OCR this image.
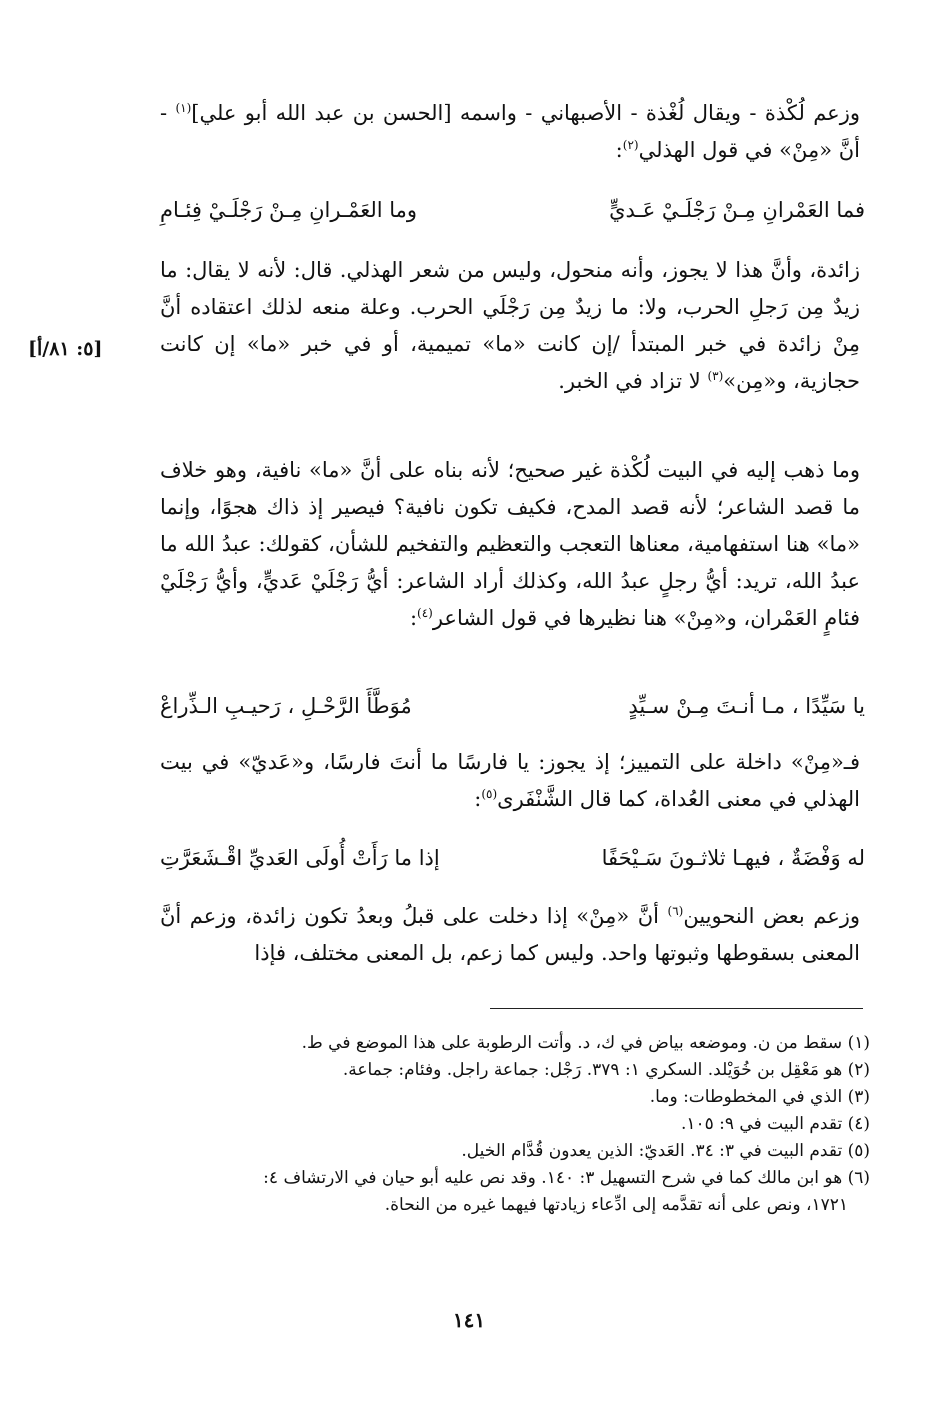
[٥: ٨١/أ]

وزعم لُكْذة - ويقال لُغْذة - الأصبهاني - واسمه [الحسن بن عبد الله أبو علي]$^{(١)}$ - أنَّ «مِنْ» في قول الهذلي$^{(٢)}$:

فما العَمْرانِ مِـنْ رَجْلَـيْ عَـديٍّ
وما العَمْـرانِ مِـنْ رَجْلَـيْ فِئـامِ

زائدة، وأنَّ هذا لا يجوز، وأنه منحول، وليس من شعر الهذلي. قال: لأنه لا يقال: ما زيدٌ مِن رَجلِ الحرب، ولا: ما زيدٌ مِن رَجْلَي الحرب. وعلة منعه لذلك اعتقاده أنَّ مِنْ زائدة في خبر المبتدأ /إن كانت «ما» تميمية، أو في خبر «ما» إن كانت حجازية، و«مِن»$^{(٣)}$ لا تزاد في الخبر.

وما ذهب إليه في البيت لُكْذة غير صحيح؛ لأنه بناه على أنَّ «ما» نافية، وهو خلاف ما قصد الشاعر؛ لأنه قصد المدح، فكيف تكون نافية؟ فيصير إذ ذاك هجوًا، وإنما «ما» هنا استفهامية، معناها التعجب والتعظيم والتفخيم للشأن، كقولك: عبدُ الله ما عبدُ الله، تريد: أيُّ رجلٍ عبدُ الله، وكذلك أراد الشاعر: أيُّ رَجْلَيْ عَديٍّ، وأيُّ رَجْلَيْ فئامٍ العَمْران، و«مِنْ» هنا نظيرها في قول الشاعر$^{(٤)}$:

يا سَيِّدًا ، مـا أنـتَ مِـنْ سـيِّدٍ
مُوَطَّأَ الرَّحْـلِ ، رَحيـبِ الـذِّراعْ

فـ«مِنْ» داخلة على التمييز؛ إذ يجوز: يا فارسًا ما أنتَ فارسًا، و«عَديّ» في بيت الهذلي في معنى العُداة، كما قال الشَّنْفَرى$^{(٥)}$:

له وَفْضَةٌ ، فيهـا ثلاثـونَ سَـيْحَفًا
إذا ما رَأَتْ أُولَى العَديِّ اقْـشَعَرَّتِ

وزعم بعض النحويين$^{(٦)}$ أنَّ «مِنْ» إذا دخلت على قبلُ وبعدُ تكون زائدة، وزعم أنَّ المعنى بسقوطها وثبوتها واحد. وليس كما زعم، بل المعنى مختلف، فإذا

(١) سقط من ن. وموضعه بياض في ك، د. وأتت الرطوبة على هذا الموضع في ط.

(٢) هو مَعْقِل بن خُوَيْلد. السكري ١: ٣٧٩. رَجْل: جماعة راجل. وفئام: جماعة.

(٣) الذي في المخطوطات: وما.

(٤) تقدم البيت في ٩: ١٠٥.

(٥) تقدم البيت في ٣: ٣٤. العَديّ: الذين يعدون قُدَّام الخيل.

(٦) هو ابن مالك كما في شرح التسهيل ٣: ١٤٠. وقد نص عليه أبو حيان في الارتشاف ٤:

١٧٢١، ونص على أنه تقدَّمه إلى ادِّعاء زيادتها فيهما غيره من النحاة.

١٤١
